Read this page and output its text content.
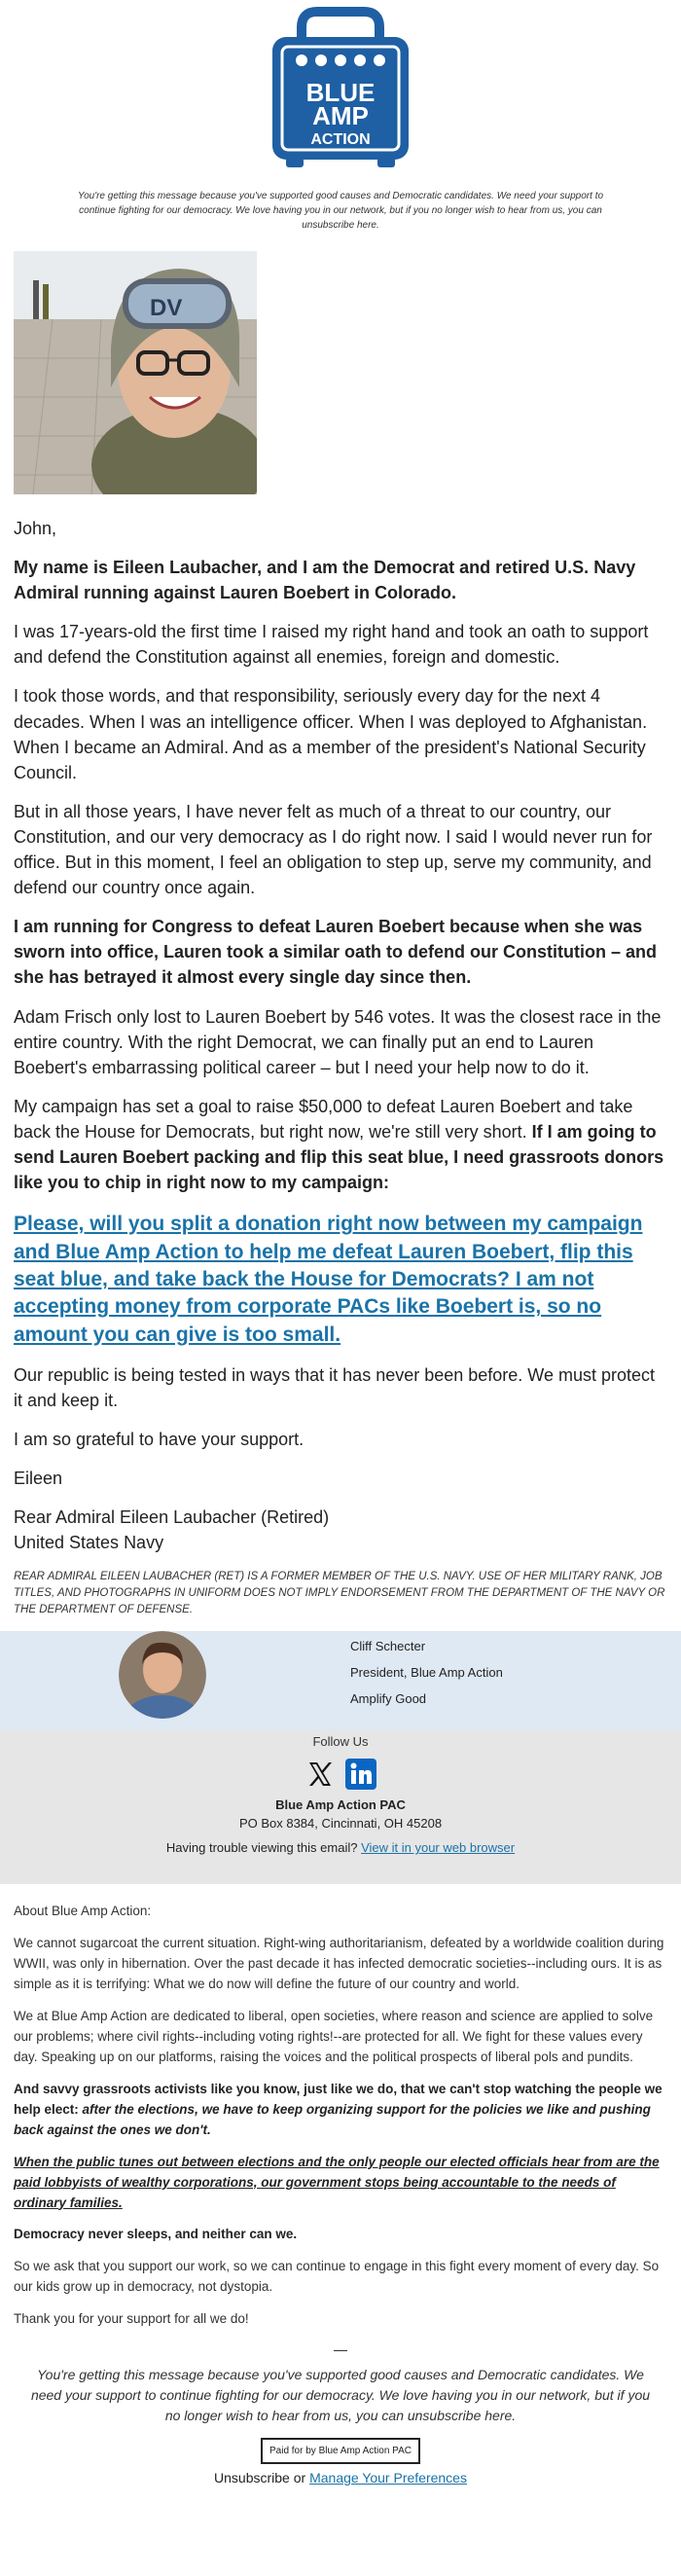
BLUE
AMP
ACTION
You're getting this message because you've supported good causes and Democratic candidates. We need your support to continue fighting for our democracy. We love having you in our network, but if you no longer wish to hear from us, you can unsubscribe here.
DV

John,

My name is Eileen Laubacher, and I am the Democrat and retired U.S. Navy Admiral running against Lauren Boebert in Colorado.

I was 17-years-old the first time I raised my right hand and took an oath to support and defend the Constitution against all enemies, foreign and domestic.

I took those words, and that responsibility, seriously every day for the next 4 decades. When I was an intelligence officer. When I was deployed to Afghanistan. When I became an Admiral. And as a member of the president's National Security Council.

But in all those years, I have never felt as much of a threat to our country, our Constitution, and our very democracy as I do right now. I said I would never run for office. But in this moment, I feel an obligation to step up, serve my community, and defend our country once again.

I am running for Congress to defeat Lauren Boebert because when she was sworn into office, Lauren took a similar oath to defend our Constitution – and she has betrayed it almost every single day since then.

Adam Frisch only lost to Lauren Boebert by 546 votes. It was the closest race in the entire country. With the right Democrat, we can finally put an end to Lauren Boebert's embarrassing political career – but I need your help now to do it.

My campaign has set a goal to raise $50,000 to defeat Lauren Boebert and take back the House for Democrats, but right now, we're still very short. If I am going to send Lauren Boebert packing and flip this seat blue, I need grassroots donors like you to chip in right now to my campaign:

Please, will you split a donation right now between my campaign and Blue Amp Action to help me defeat Lauren Boebert, flip this seat blue, and take back the House for Democrats? I am not accepting money from corporate PACs like Boebert is, so no amount you can give is too small.

Our republic is being tested in ways that it has never been before. We must protect it and keep it.

I am so grateful to have your support.

Eileen

Rear Admiral Eileen Laubacher (Retired)

United States Navy

REAR ADMIRAL EILEEN LAUBACHER (RET) IS A FORMER MEMBER OF THE U.S. NAVY. USE OF HER MILITARY RANK, JOB TITLES, AND PHOTOGRAPHS IN UNIFORM DOES NOT IMPLY ENDORSEMENT FROM THE DEPARTMENT OF THE NAVY OR THE DEPARTMENT OF DEFENSE.

Cliff Schecter
President, Blue Amp Action
Amplify Good
Follow Us

Blue Amp Action PAC
PO Box 8384, Cincinnati, OH 45208
Having trouble viewing this email? View it in your web browser

About Blue Amp Action:

We cannot sugarcoat the current situation. Right-wing authoritarianism, defeated by a worldwide coalition during WWII, was only in hibernation. Over the past decade it has infected democratic societies--including ours. It is as simple as it is terrifying: What we do now will define the future of our country and world.

We at Blue Amp Action are dedicated to liberal, open societies, where reason and science are applied to solve our problems; where civil rights--including voting rights!--are protected for all. We fight for these values every day. Speaking up on our platforms, raising the voices and the political prospects of liberal pols and pundits.

And savvy grassroots activists like you know, just like we do, that we can't stop watching the people we help elect: after the elections, we have to keep organizing support for the policies we like and pushing back against the ones we don't.

When the public tunes out between elections and the only people our elected officials hear from are the paid lobbyists of wealthy corporations, our government stops being accountable to the needs of ordinary families.

Democracy never sleeps, and neither can we.

So we ask that you support our work, so we can continue to engage in this fight every moment of every day. So our kids grow up in democracy, not dystopia.

Thank you for your support for all we do!

—
You're getting this message because you've supported good causes and Democratic candidates. We need your support to continue fighting for our democracy. We love having you in our network, but if you no longer wish to hear from us, you can unsubscribe here.
Paid for by Blue Amp Action PAC
Unsubscribe or Manage Your Preferences
